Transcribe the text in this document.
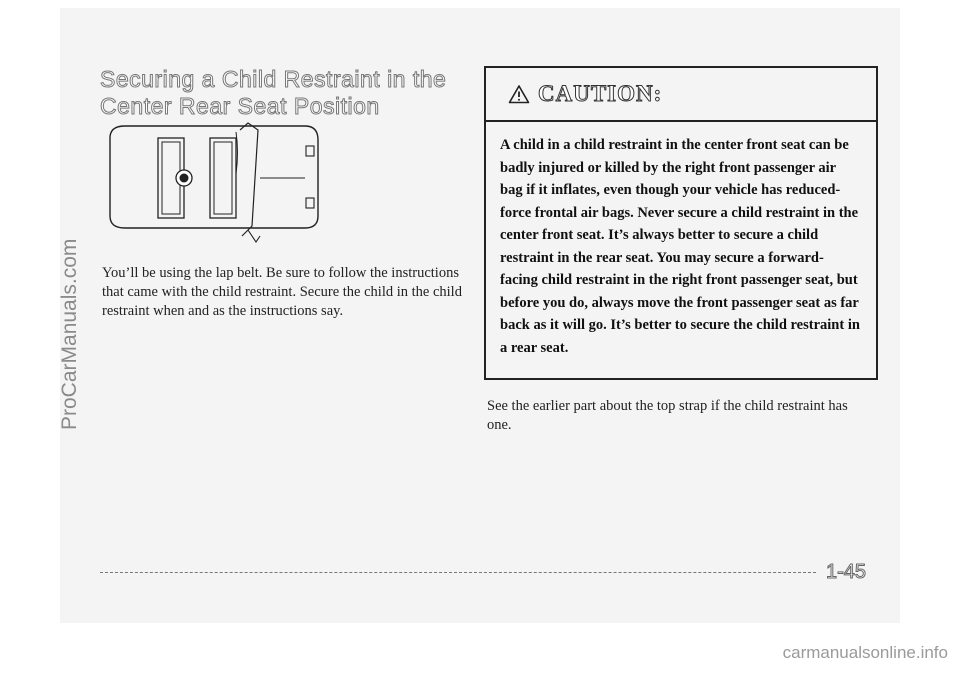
ProCarManuals.com
Securing a Child Restraint in the Center Rear Seat Position
You’ll be using the lap belt. Be sure to follow the instructions that came with the child restraint. Secure the child in the child restraint when and as the instructions say.
CAUTION:
A child in a child restraint in the center front seat can be badly injured or killed by the right front passenger air bag if it inflates, even though your vehicle has reduced-force frontal air bags. Never secure a child restraint in the center front seat. It’s always better to secure a child restraint in the rear seat. You may secure a forward-facing child restraint in the right front passenger seat, but before you do, always move the front passenger seat as far back as it will go. It’s better to secure the child restraint in a rear seat.
See the earlier part about the top strap if the child restraint has one.
1-45
carmanualsonline.info
